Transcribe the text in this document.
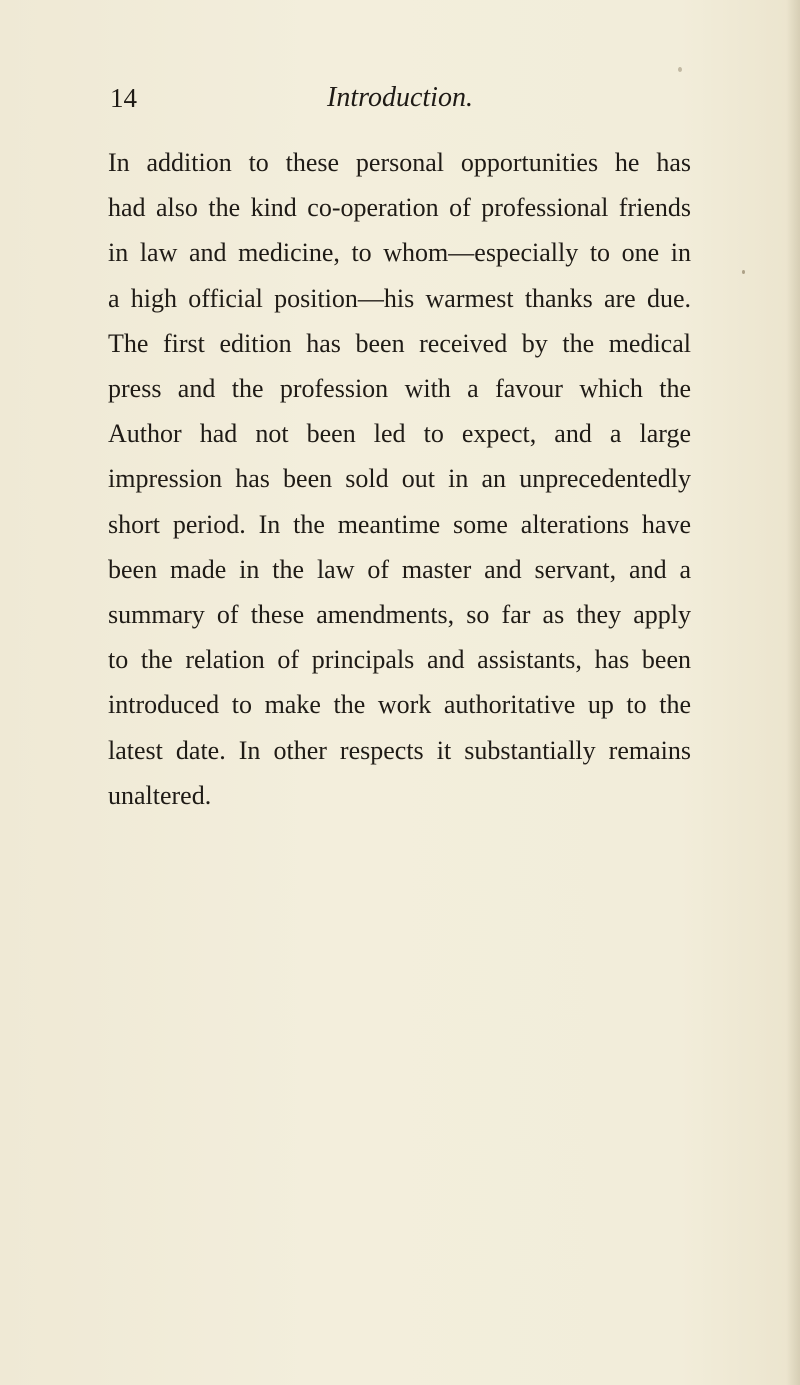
14	Introduction.

In addition to these personal opportunities he has
had also the kind co-operation of professional friends
in law and medicine, to whom—especially to one in
a high official position—his warmest thanks are due.
The first edition has been received by the medical
press and the profession with a favour which the
Author had not been led to expect, and a large
impression has been sold out in an unprecedentedly
short period. In the meantime some alterations have
been made in the law of master and servant, and a
summary of these amendments, so far as they apply
to the relation of principals and assistants, has been
introduced to make the work authoritative up to the
latest date. In other respects it substantially remains
unaltered.
